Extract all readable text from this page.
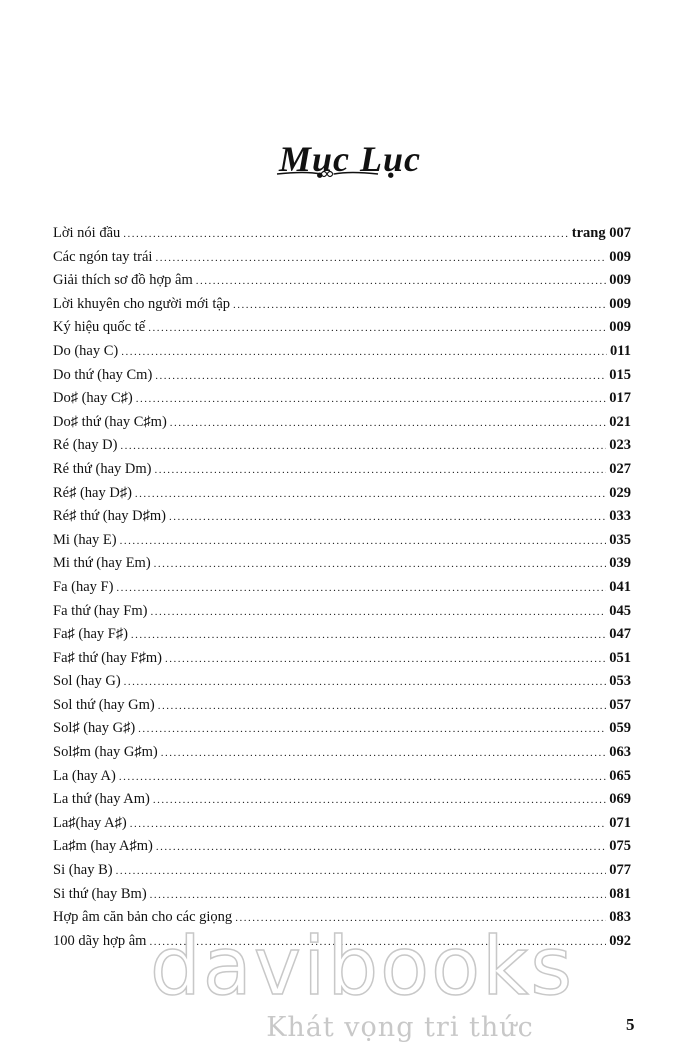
Mục Lục
Lời nói đầu .....	trang 007
Các ngón tay trái .....	009
Giải thích sơ đồ hợp âm .....	009
Lời khuyên cho người mới tập .....	009
Ký hiệu quốc tế .....	009
Do (hay C) .....	011
Do thứ (hay Cm) .....	015
Do♯ (hay C♯) .....	017
Do♯ thứ (hay C♯m) .....	021
Ré (hay D) .....	023
Ré thứ (hay Dm) .....	027
Ré♯ (hay D♯) .....	029
Ré♯ thứ (hay D♯m) .....	033
Mi (hay E) .....	035
Mi thứ (hay Em) .....	039
Fa (hay F) .....	041
Fa thứ (hay Fm) .....	045
Fa♯ (hay F♯) .....	047
Fa♯ thứ (hay F♯m) .....	051
Sol (hay G) .....	053
Sol thứ (hay Gm) .....	057
Sol♯ (hay G♯) .....	059
Sol♯m (hay G♯m) .....	063
La (hay A) .....	065
La thứ (hay Am) .....	069
La♯(hay A♯) .....	071
La♯m (hay A♯m) .....	075
Si (hay B) .....	077
Si thứ (hay Bm) .....	081
Hợp âm căn bản cho các giọng .....	083
100 dãy hợp âm .....	092
davibooks
Khát vọng tri thức	5
